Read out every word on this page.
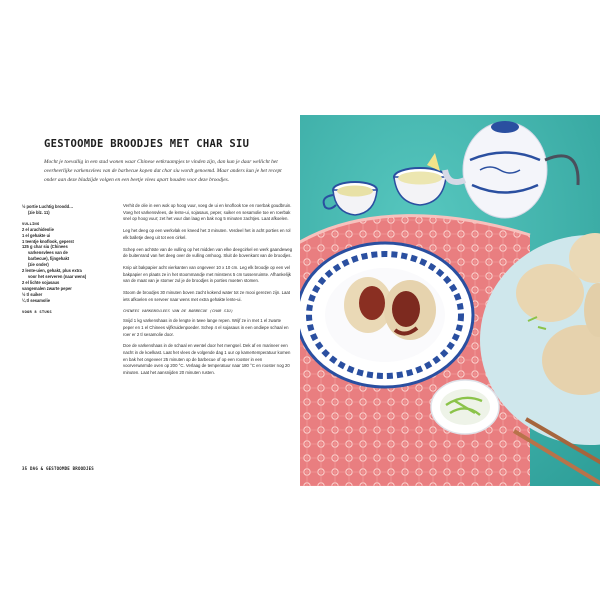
GESTOOMDE BROODJES MET CHAR SIU

Mocht je toevallig in een stad wonen waar Chinese eetkraampjes te vinden zijn, dan kun je daar wellicht het overheerlijke varkensvlees van de barbecue kopen dat char siu wordt genoemd. Maar anders kun je het recept onder aan deze bladzijde volgen en een beetje vlees apart houden voor deze broodjes.

½ portie Luchtig broodd…
(zie blz. 11)
VULLING
2 el arachideolie
1 el gehakte ui
1 teentje knoflook, geperst
125 g char siu (Chinees
varkensvlees van de
barbecue), fijngehakt
(zie onder)
2 lente-uien, gehakt, plus extra
voor het serveren (naar wens)
2 el lichte sojasaus
vangemalen zwarte peper
½ tl suiker
¼ tl sesamolie
VOOR 8 STUKS

Verhit de olie in een wok op hoog vuur, voeg de ui en knoflook toe en roerbak goudbruin. Voeg het varkensvlees, de lente-ui, sojasaus, peper, suiker en sesamolie toe en roerbak snel op hoog vuur; zet het vuur dan laag en bak nog 5 minuten zachtjes. Laat afkoelen.

Leg het deeg op een werkvlak en kneed het 3 minuten. Verdeel het in acht porties en rol elk balletje deeg uit tot een cirkel.

Schep een achtste van de vulling op het midden van elke deegcirkel en werk gaandeweg de buitenrand van het deeg over de vulling omhoog. Sluit de bovenkant van de broodjes.

Knip uit bakpapier acht vierkanten van ongeveer 10 x 10 cm. Leg elk broodje op een vel bakpapier en plaats ze in het stoommandje met minstens 5 cm tussenruimte. Afhankelijk van de maat van je stomer zul je de broodjes in porties moeten stomen.

Stoom de broodjes 30 minuten boven zacht kokend water tot ze mooi gerezen zijn. Laat iets afkoelen en serveer naar wens met extra gehakte lente-ui.

CHINEES VARKENSVLEES VAN DE BARBECUE (CHAR SIU)

Snijd 1 kg varkenshaas in de lengte in twee lange repen. Wrijf ze in met 1 el zwarte peper en 1 el Chinees vijfkruidenpoeder. Schep 4 el sojasaus in een ondiepe schaal en roer er 2 tl sesamolie door.

Doe de varkenshaas in de schaal en wentel door het mengsel. Dek af en marineer een nacht in de koelkast. Laat het vlees de volgende dag 1 uur op kamertemperatuur komen en bak het ongeveer 25 minuten op de barbecue of op een rooster in een voorverwarmde oven op 200 °C. Verlaag de temperatuur naar 180 °C en rooster nog 20 minuten. Laat het aansnijden 20 minuten rusten.

35 DAG & GESTOOMDE BROODJES
